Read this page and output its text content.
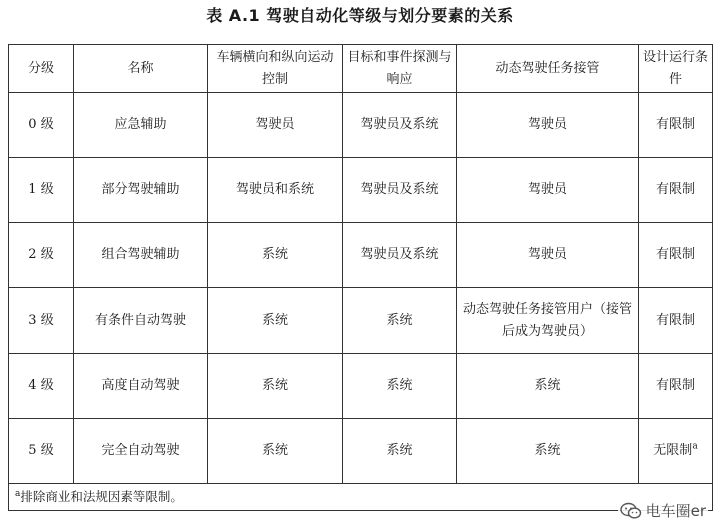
表 A.1 驾驶自动化等级与划分要素的关系
分级	名称	车辆横向和纵向运动控制	目标和事件探测与响应	动态驾驶任务接管	设计运行条件
0 级	应急辅助	驾驶员	驾驶员及系统	驾驶员	有限制
1 级	部分驾驶辅助	驾驶员和系统	驾驶员及系统	驾驶员	有限制
2 级	组合驾驶辅助	系统	驾驶员及系统	驾驶员	有限制
3 级	有条件自动驾驶	系统	系统	动态驾驶任务接管用户（接管后成为驾驶员）	有限制
4 级	高度自动驾驶	系统	系统	系统	有限制
5 级	完全自动驾驶	系统	系统	系统	无限制$^a$
$^a$排除商业和法规因素等限制。					
电车圈er
